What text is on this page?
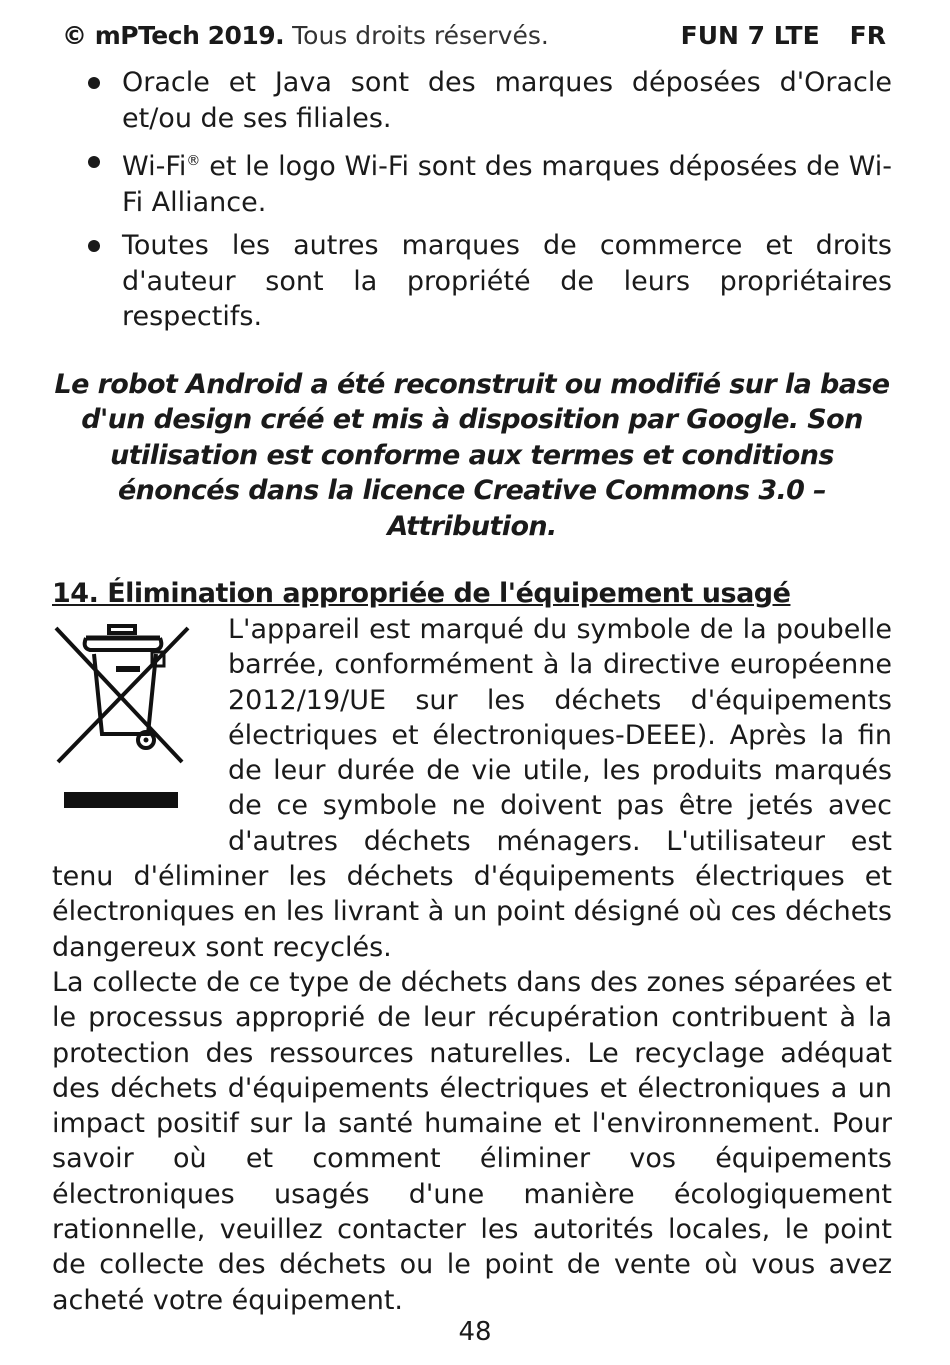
© mPTech 2019. Tous droits réservés.	FUN 7 LTE FR
Oracle et Java sont des marques déposées d'Oracle et/ou de ses filiales.
Wi-Fi® et le logo Wi-Fi sont des marques déposées de Wi-Fi Alliance.
Toutes les autres marques de commerce et droits d'auteur sont la propriété de leurs propriétaires respectifs.
Le robot Android a été reconstruit ou modifié sur la base d'un design créé et mis à disposition par Google. Son utilisation est conforme aux termes et conditions énoncés dans la licence Creative Commons 3.0 – Attribution.
14. Élimination appropriée de l'équipement usagé

L'appareil est marqué du symbole de la poubelle barrée, conformément à la directive européenne 2012/19/UE sur les déchets d'équipements électriques et électroniques-DEEE). Après la fin de leur durée de vie utile, les produits marqués de ce symbole ne doivent pas être jetés avec d'autres déchets ménagers. L'utilisateur est tenu d'éliminer les déchets d'équipements électriques et électroniques en les livrant à un point désigné où ces déchets dangereux sont recyclés.

La collecte de ce type de déchets dans des zones séparées et le processus approprié de leur récupération contribuent à la protection des ressources naturelles. Le recyclage adéquat des déchets d'équipements électriques et électroniques a un impact positif sur la santé humaine et l'environnement. Pour savoir où et comment éliminer vos équipements électroniques usagés d'une manière écologiquement rationnelle, veuillez contacter les autorités locales, le point de collecte des déchets ou le point de vente où vous avez acheté votre équipement.

48
